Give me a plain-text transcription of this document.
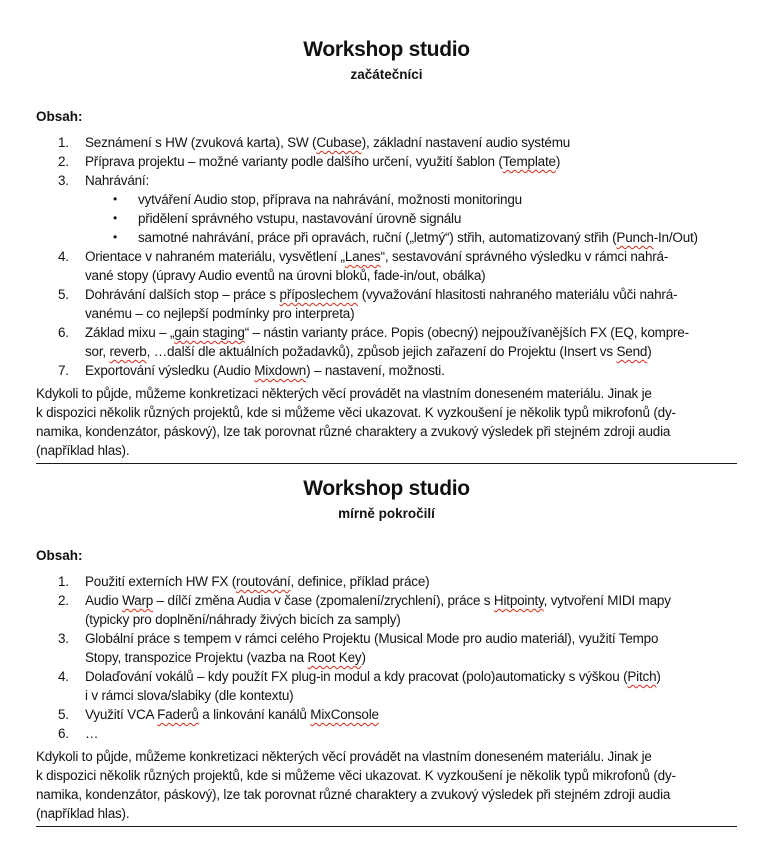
Workshop studio
začátečníci

Obsah:

1. Seznámení s HW (zvuková karta), SW (Cubase), základní nastavení audio systému
2. Příprava projektu – možné varianty podle dalšího určení, využití šablon (Template)
3. Nahrávání:
• vytváření Audio stop, příprava na nahrávání, možnosti monitoringu
• přidělení správného vstupu, nastavování úrovně signálu
• samotné nahrávání, práce při opravách, ruční („letmý“) střih, automatizovaný střih (Punch-In/Out)
4. Orientace v nahraném materiálu, vysvětlení „Lanes“, sestavování správného výsledku v rámci nahrá-
vané stopy (úpravy Audio eventů na úrovni bloků, fade-in/out, obálka)
5. Dohrávání dalších stop – práce s příposlechem (vyvažování hlasitosti nahraného materiálu vůči nahrá-
vanému – co nejlepší podmínky pro interpreta)
6. Základ mixu – „gain staging“ – nástin varianty práce. Popis (obecný) nejpoužívanějších FX (EQ, kompre-
sor, reverb, …další dle aktuálních požadavků), způsob jejich zařazení do Projektu (Insert vs Send)
7. Exportování výsledku (Audio Mixdown) – nastavení, možnosti.
Kdykoli to půjde, můžeme konkretizaci některých věcí provádět na vlastním doneseném materiálu. Jinak je
k dispozici několik různých projektů, kde si můžeme věci ukazovat. K vyzkoušení je několik typů mikrofonů (dy-
namika, kondenzátor, páskový), lze tak porovnat různé charaktery a zvukový výsledek při stejném zdroji audia
(například hlas).
Workshop studio
mírně pokročilí

Obsah:

1. Použití externích HW FX (routování, definice, příklad práce)
2. Audio Warp – dílčí změna Audia v čase (zpomalení/zrychlení), práce s Hitpointy, vytvoření MIDI mapy
(typicky pro doplnění/náhrady živých bicích za samply)
3. Globální práce s tempem v rámci celého Projektu (Musical Mode pro audio materiál), využití Tempo
Stopy, transpozice Projektu (vazba na Root Key)
4. Dolaďování vokálů – kdy použít FX plug-in modul a kdy pracovat (polo)automaticky s výškou (Pitch)
i v rámci slova/slabiky (dle kontextu)
5. Využití VCA Faderů a linkování kanálů MixConsole
6. …
Kdykoli to půjde, můžeme konkretizaci některých věcí provádět na vlastním doneseném materiálu. Jinak je
k dispozici několik různých projektů, kde si můžeme věci ukazovat. K vyzkoušení je několik typů mikrofonů (dy-
namika, kondenzátor, páskový), lze tak porovnat různé charaktery a zvukový výsledek při stejném zdroji audia
(například hlas).
